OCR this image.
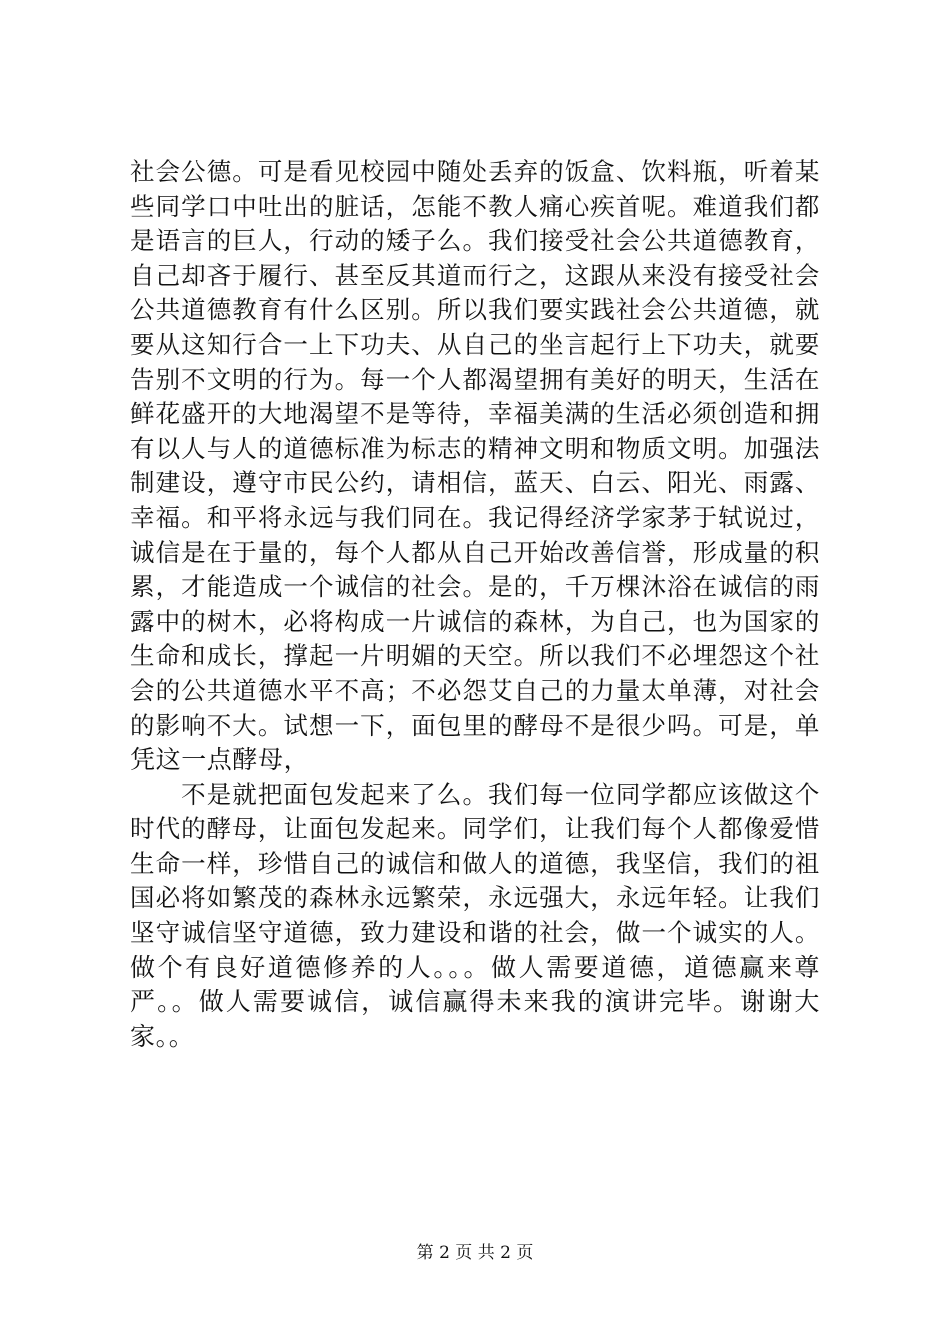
社会公德。可是看见校园中随处丢弃的饭盒、饮料瓶，听着某
些同学口中吐出的脏话，怎能不教人痛心疾首呢。难道我们都
是语言的巨人，行动的矮子么。我们接受社会公共道德教育，
自己却吝于履行、甚至反其道而行之，这跟从来没有接受社会
公共道德教育有什么区别。所以我们要实践社会公共道德，就
要从这知行合一上下功夫、从自己的坐言起行上下功夫，就要
告别不文明的行为。每一个人都渴望拥有美好的明天，生活在
鲜花盛开的大地渴望不是等待，幸福美满的生活必须创造和拥
有以人与人的道德标准为标志的精神文明和物质文明。加强法
制建设，遵守市民公约，请相信，蓝天、白云、阳光、雨露、
幸福。和平将永远与我们同在。我记得经济学家茅于轼说过，
诚信是在于量的，每个人都从自己开始改善信誉，形成量的积
累，才能造成一个诚信的社会。是的，千万棵沐浴在诚信的雨
露中的树木，必将构成一片诚信的森林，为自己，也为国家的
生命和成长，撑起一片明媚的天空。所以我们不必埋怨这个社
会的公共道德水平不高；不必怨艾自己的力量太单薄，对社会
的影响不大。试想一下，面包里的酵母不是很少吗。可是，单
凭这一点酵母，
　　不是就把面包发起来了么。我们每一位同学都应该做这个
时代的酵母，让面包发起来。同学们，让我们每个人都像爱惜
生命一样，珍惜自己的诚信和做人的道德，我坚信，我们的祖
国必将如繁茂的森林永远繁荣，永远强大，永远年轻。让我们
坚守诚信坚守道德，致力建设和谐的社会，做一个诚实的人。
做个有良好道德修养的人。。。做人需要道德，道德赢来尊
严。。做人需要诚信，诚信赢得未来我的演讲完毕。谢谢大
家。。
第 2 页 共 2 页
